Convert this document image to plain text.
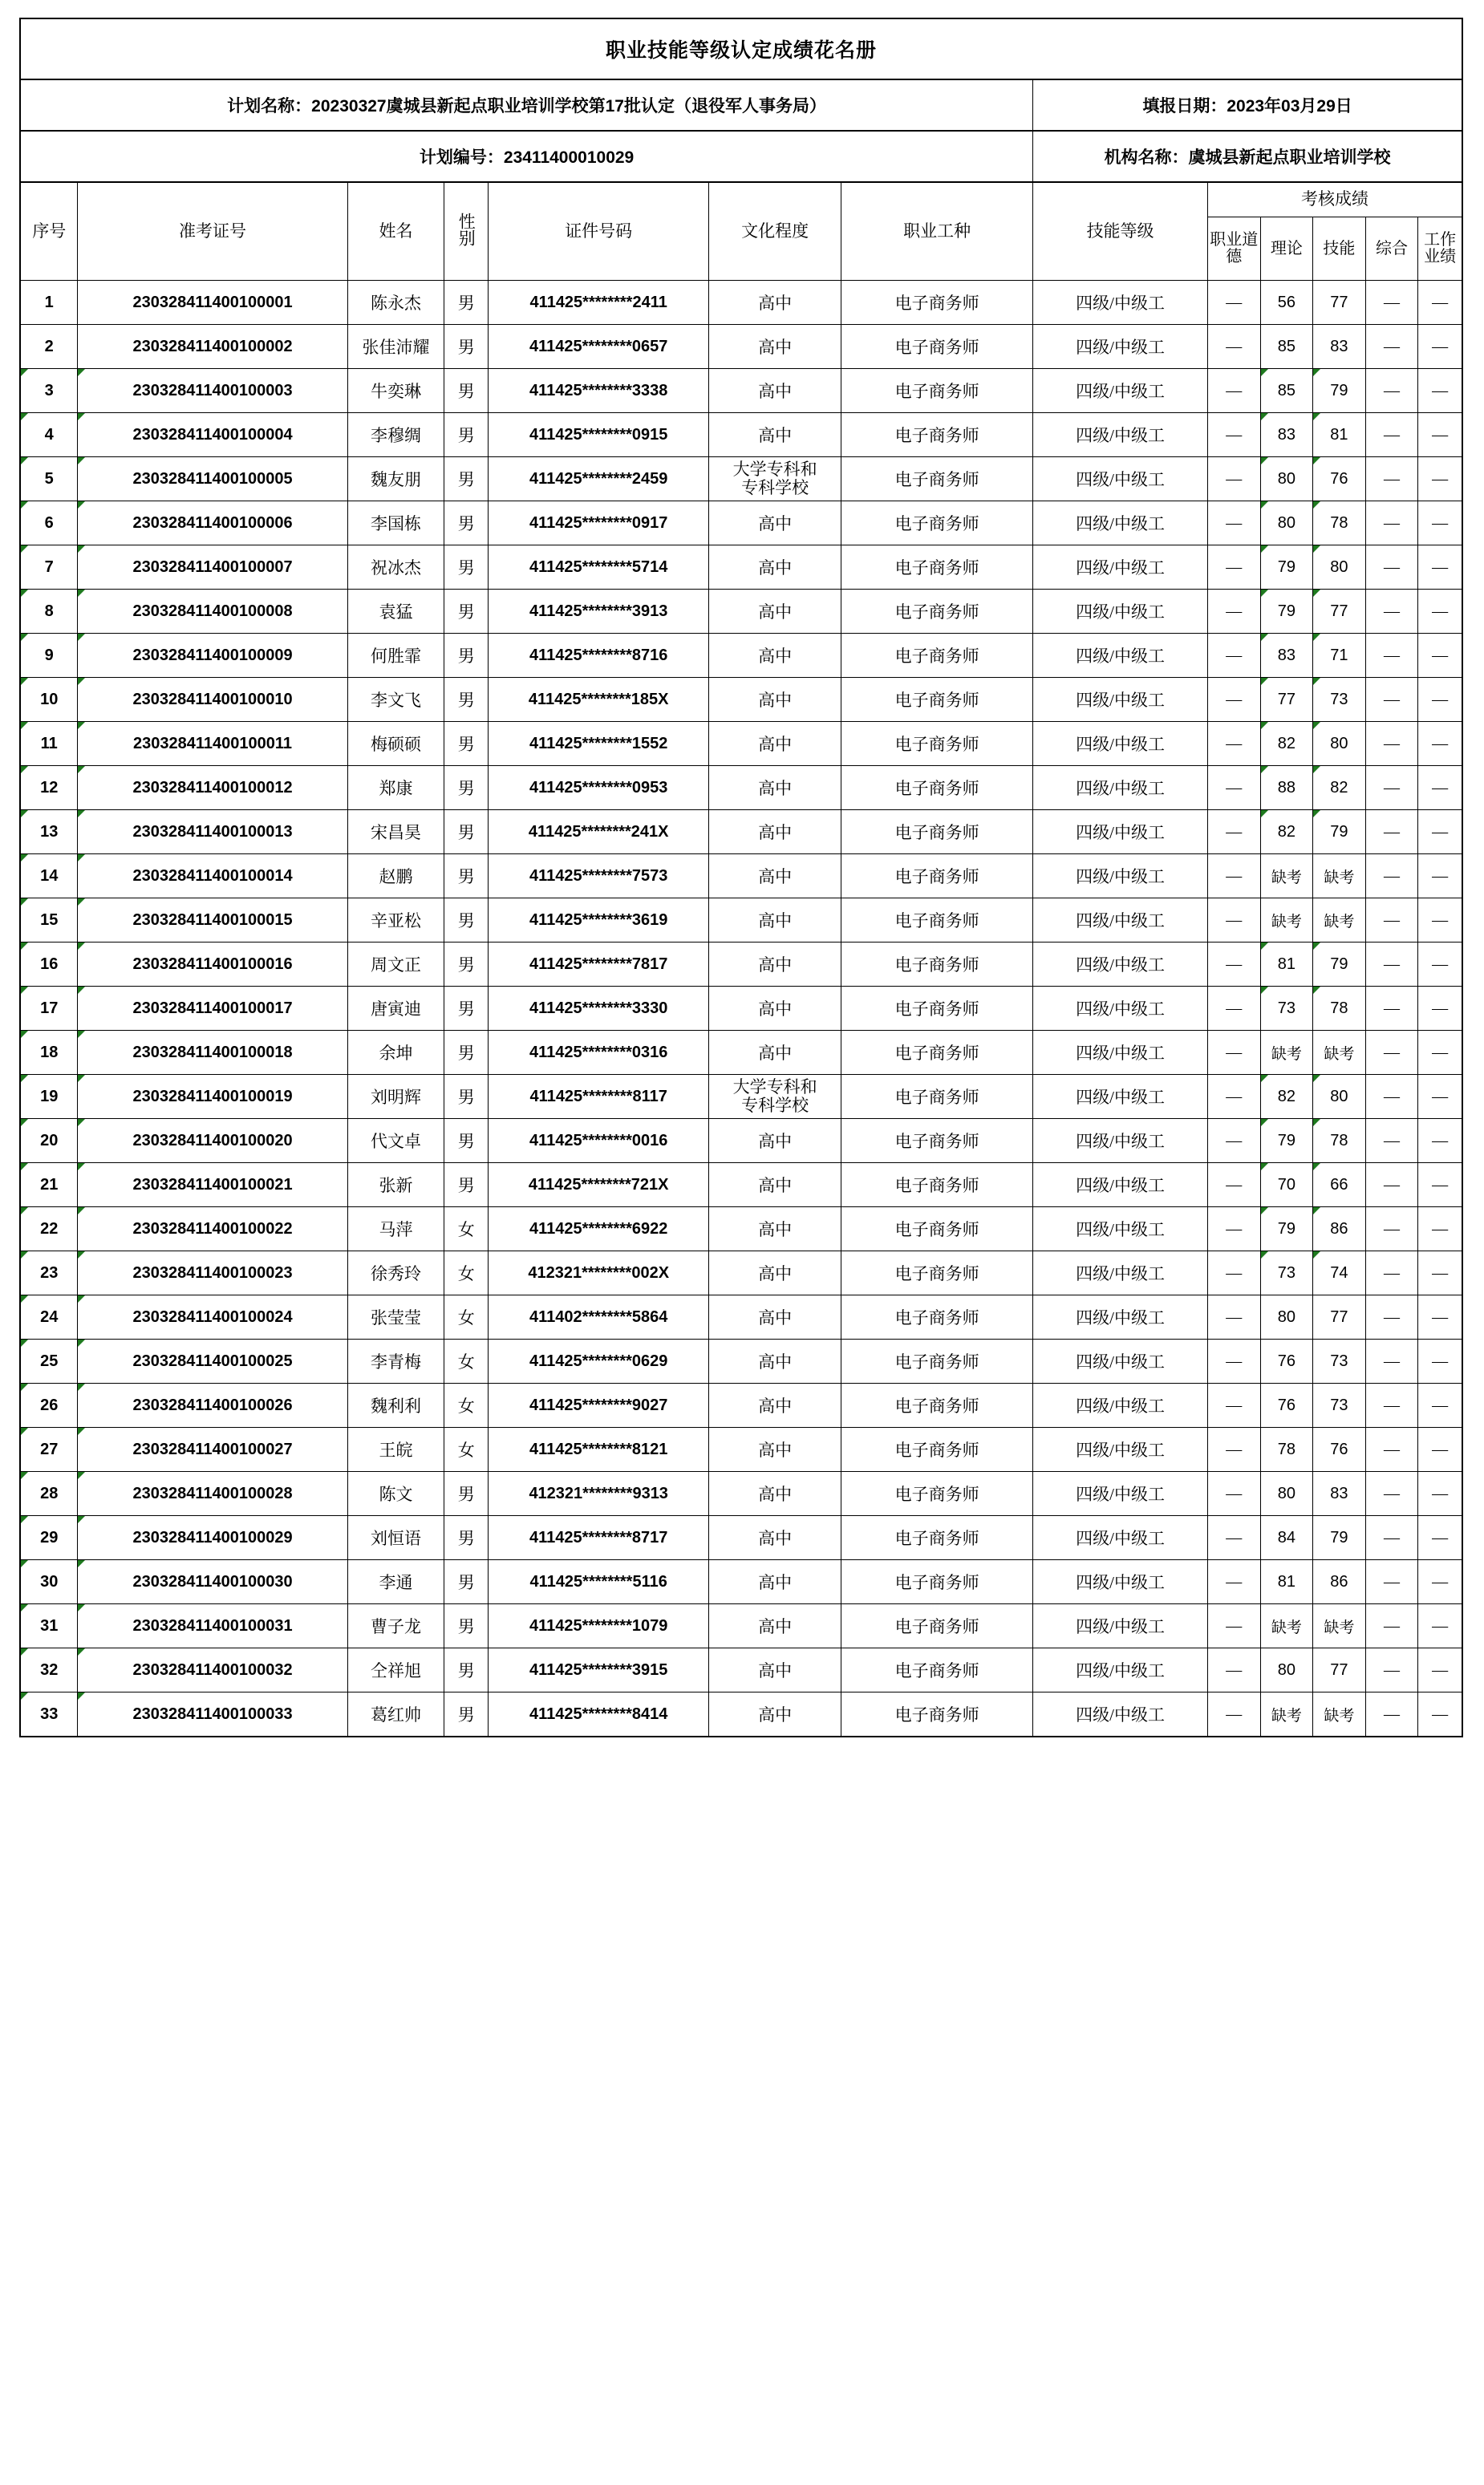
职业技能等级认定成绩花名册												
计划名称：20230327虞城县新起点职业培训学校第17批认定（退役军人事务局）							填报日期：2023年03月29日					
计划编号：23411400010029							机构名称：虞城县新起点职业培训学校					
序号	准考证号	姓名	性别	证件号码	文化程度	职业工种	技能等级	考核成绩				
								职业道德	理论	技能	综合	工作业绩
1	230328411400100001	陈永杰	男	411425********2411	高中	电子商务师	四级/中级工	—	56	77	—	—
2	230328411400100002	张佳沛耀	男	411425********0657	高中	电子商务师	四级/中级工	—	85	83	—	—
3	230328411400100003	牛奕琳	男	411425********3338	高中	电子商务师	四级/中级工	—	85	79	—	—
4	230328411400100004	李穆绸	男	411425********0915	高中	电子商务师	四级/中级工	—	83	81	—	—
5	230328411400100005	魏友朋	男	411425********2459	大学专科和
专科学校	电子商务师	四级/中级工	—	80	76	—	—
6	230328411400100006	李国栋	男	411425********0917	高中	电子商务师	四级/中级工	—	80	78	—	—
7	230328411400100007	祝冰杰	男	411425********5714	高中	电子商务师	四级/中级工	—	79	80	—	—
8	230328411400100008	袁猛	男	411425********3913	高中	电子商务师	四级/中级工	—	79	77	—	—
9	230328411400100009	何胜霏	男	411425********8716	高中	电子商务师	四级/中级工	—	83	71	—	—
10	230328411400100010	李文飞	男	411425********185X	高中	电子商务师	四级/中级工	—	77	73	—	—
11	230328411400100011	梅硕硕	男	411425********1552	高中	电子商务师	四级/中级工	—	82	80	—	—
12	230328411400100012	郑康	男	411425********0953	高中	电子商务师	四级/中级工	—	88	82	—	—
13	230328411400100013	宋昌昊	男	411425********241X	高中	电子商务师	四级/中级工	—	82	79	—	—
14	230328411400100014	赵鹏	男	411425********7573	高中	电子商务师	四级/中级工	—	缺考	缺考	—	—
15	230328411400100015	辛亚松	男	411425********3619	高中	电子商务师	四级/中级工	—	缺考	缺考	—	—
16	230328411400100016	周文正	男	411425********7817	高中	电子商务师	四级/中级工	—	81	79	—	—
17	230328411400100017	唐寅迪	男	411425********3330	高中	电子商务师	四级/中级工	—	73	78	—	—
18	230328411400100018	余坤	男	411425********0316	高中	电子商务师	四级/中级工	—	缺考	缺考	—	—
19	230328411400100019	刘明辉	男	411425********8117	大学专科和
专科学校	电子商务师	四级/中级工	—	82	80	—	—
20	230328411400100020	代文卓	男	411425********0016	高中	电子商务师	四级/中级工	—	79	78	—	—
21	230328411400100021	张新	男	411425********721X	高中	电子商务师	四级/中级工	—	70	66	—	—
22	230328411400100022	马萍	女	411425********6922	高中	电子商务师	四级/中级工	—	79	86	—	—
23	230328411400100023	徐秀玲	女	412321********002X	高中	电子商务师	四级/中级工	—	73	74	—	—
24	230328411400100024	张莹莹	女	411402********5864	高中	电子商务师	四级/中级工	—	80	77	—	—
25	230328411400100025	李青梅	女	411425********0629	高中	电子商务师	四级/中级工	—	76	73	—	—
26	230328411400100026	魏利利	女	411425********9027	高中	电子商务师	四级/中级工	—	76	73	—	—
27	230328411400100027	王皖	女	411425********8121	高中	电子商务师	四级/中级工	—	78	76	—	—
28	230328411400100028	陈文	男	412321********9313	高中	电子商务师	四级/中级工	—	80	83	—	—
29	230328411400100029	刘恒语	男	411425********8717	高中	电子商务师	四级/中级工	—	84	79	—	—
30	230328411400100030	李通	男	411425********5116	高中	电子商务师	四级/中级工	—	81	86	—	—
31	230328411400100031	曹子龙	男	411425********1079	高中	电子商务师	四级/中级工	—	缺考	缺考	—	—
32	230328411400100032	仝祥旭	男	411425********3915	高中	电子商务师	四级/中级工	—	80	77	—	—
33	230328411400100033	葛红帅	男	411425********8414	高中	电子商务师	四级/中级工	—	缺考	缺考	—	—
